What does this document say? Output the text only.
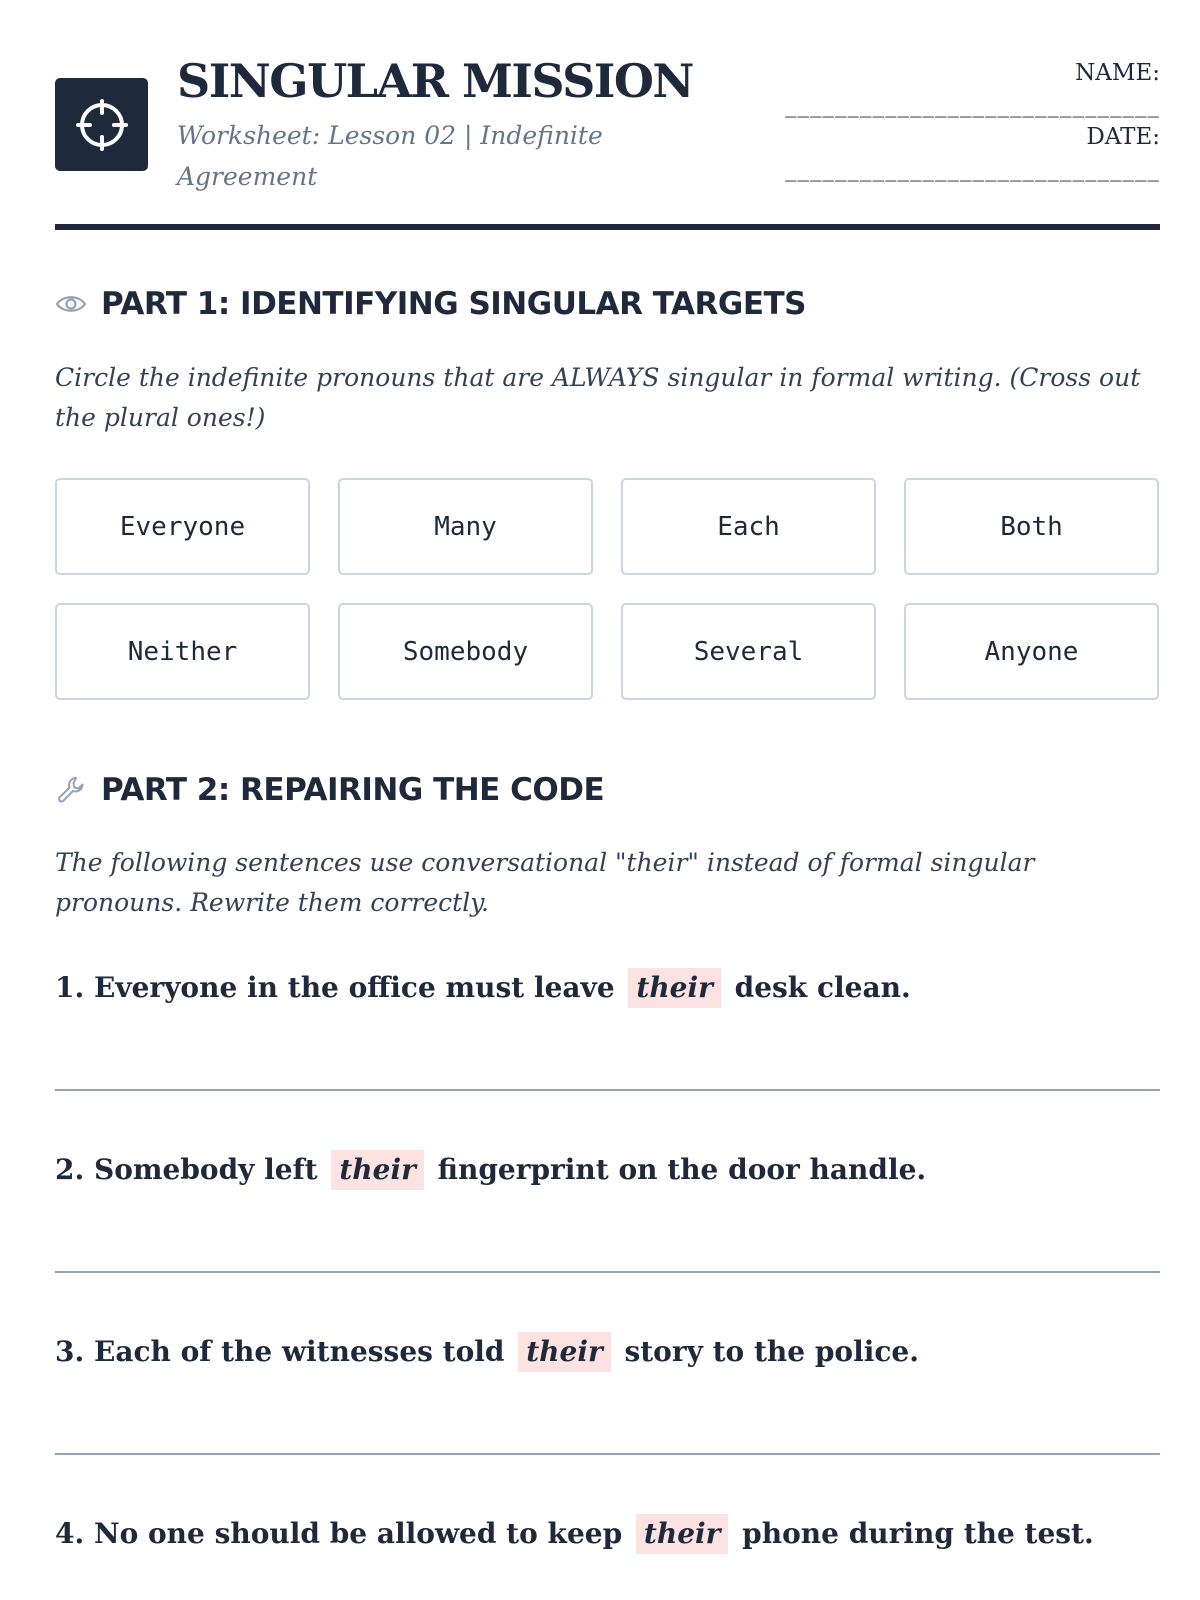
SINGULAR MISSION
Worksheet: Lesson 02 | Indefinite Agreement
NAME:
______________________________
DATE:
______________________________
PART 1: IDENTIFYING SINGULAR TARGETS
Circle the indefinite pronouns that are ALWAYS singular in formal writing. (Cross out the plural ones!)
Everyone	Many	Each	Both
Neither	Somebody	Several	Anyone
PART 2: REPAIRING THE CODE
The following sentences use conversational "their" instead of formal singular pronouns. Rewrite them correctly.
1. Everyone in the office must leave their desk clean.
2. Somebody left their fingerprint on the door handle.
3. Each of the witnesses told their story to the police.
4. No one should be allowed to keep their phone during the test.
